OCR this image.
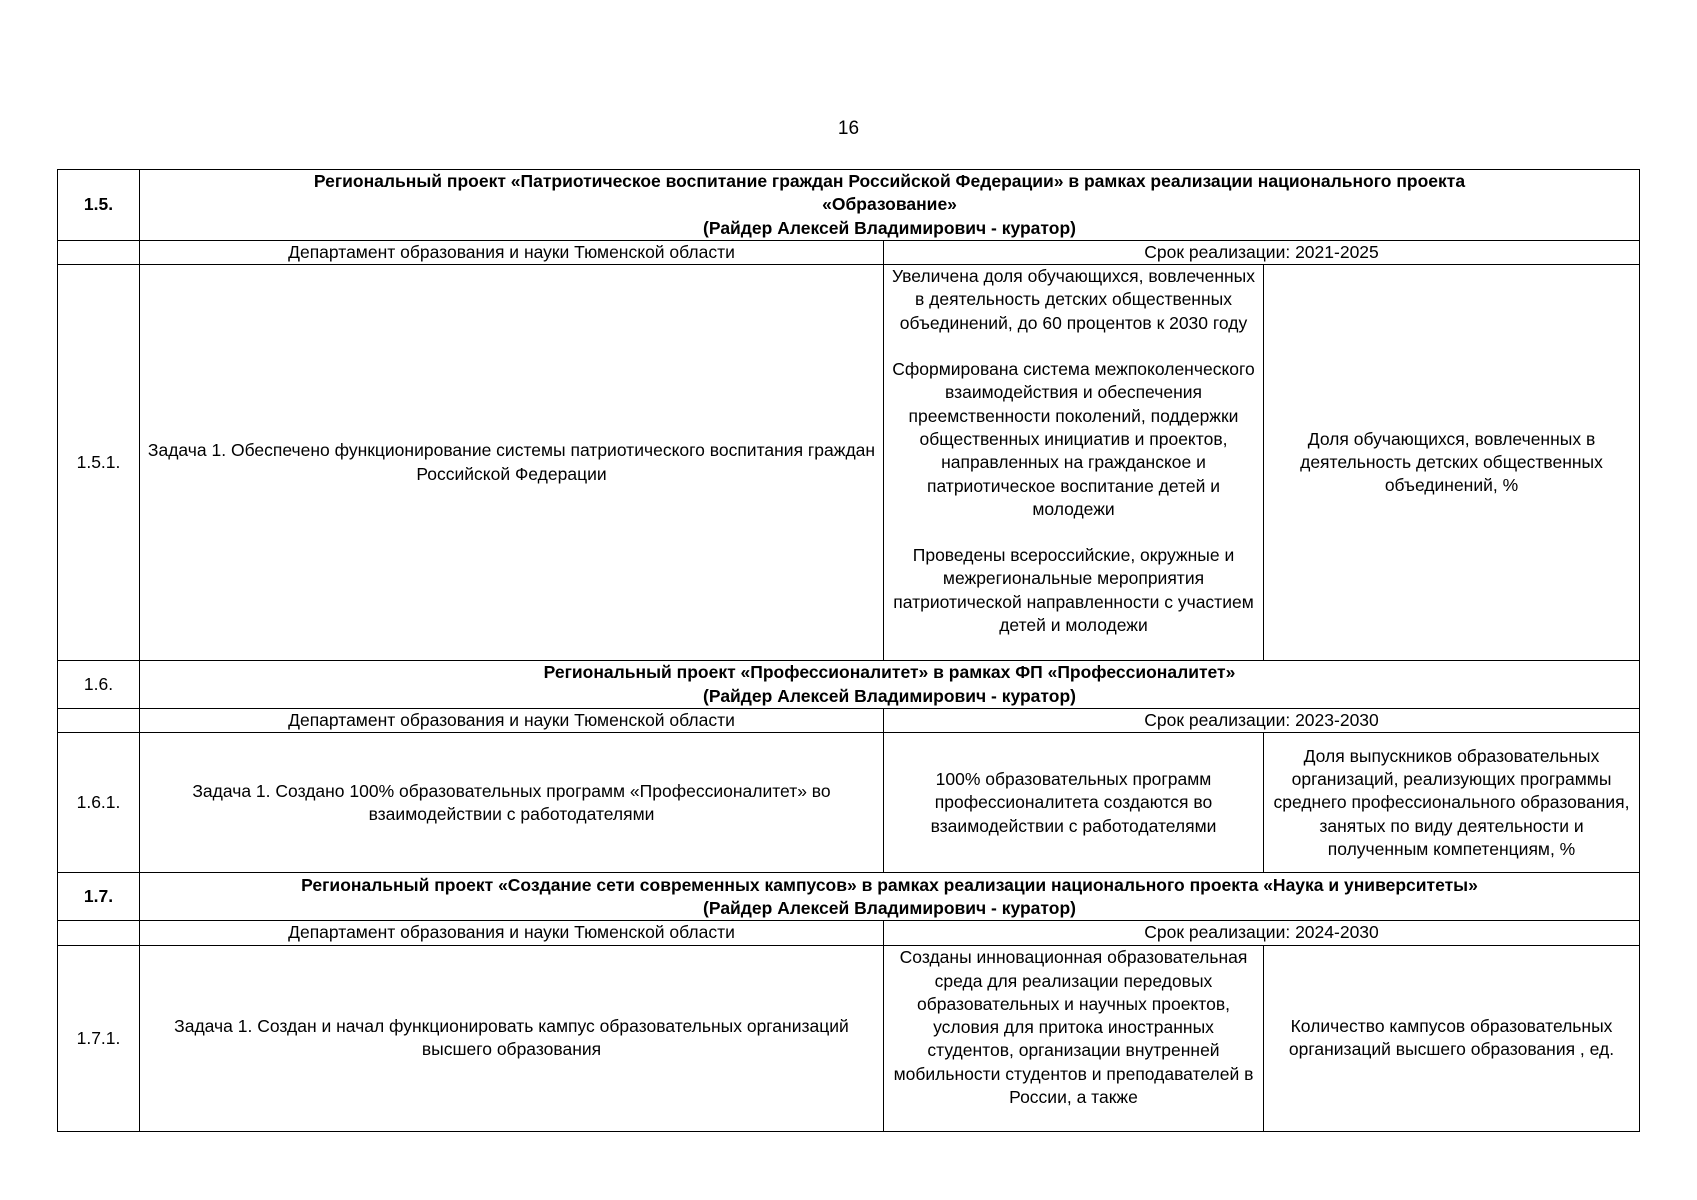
16
1.5.	Региональный проект «Патриотическое воспитание граждан Российской Федерации» в рамках реализации национального проекта
«Образование»
(Райдер Алексей Владимирович - куратор)		

	Департамент образования и науки Тюменской области	Срок реализации: 2021-2025	
1.5.1.	Задача 1. Обеспечено функционирование системы патриотического воспитания граждан Российской Федерации	Увеличена доля обучающихся, вовлеченных в деятельность детских общественных объединений, до 60 процентов к 2030 году

Сформирована система межпоколенческого взаимодействия и обеспечения преемственности поколений, поддержки общественных инициатив и проектов, направленных на гражданское и патриотическое воспитание детей и молодежи

Проведены всероссийские, окружные и межрегиональные мероприятия патриотической направленности с участием детей и молодежи	Доля обучающихся, вовлеченных в деятельность детских общественных объединений, %
1.6.	Региональный проект «Профессионалитет» в рамках ФП «Профессионалитет»
(Райдер Алексей Владимирович - куратор)		

	Департамент образования и науки Тюменской области	Срок реализации: 2023-2030	
1.6.1.	Задача 1. Создано 100% образовательных программ «Профессионалитет» во взаимодействии с работодателями	100% образовательных программ профессионалитета создаются во взаимодействии с работодателями	Доля выпускников образовательных организаций, реализующих программы среднего профессионального образования, занятых по виду деятельности и полученным компетенциям, %
1.7.	Региональный проект «Создание сети современных кампусов» в рамках реализации национального проекта «Наука и университеты»
(Райдер Алексей Владимирович - куратор)		

	Департамент образования и науки Тюменской области	Срок реализации: 2024-2030	
1.7.1.	Задача 1. Создан и начал функционировать кампус образовательных организаций высшего образования	Созданы инновационная образовательная среда для реализации передовых образовательных и научных проектов, условия для притока иностранных студентов, организации внутренней мобильности студентов и преподавателей в России, а также	Количество кампусов образовательных организаций высшего образования , ед.
